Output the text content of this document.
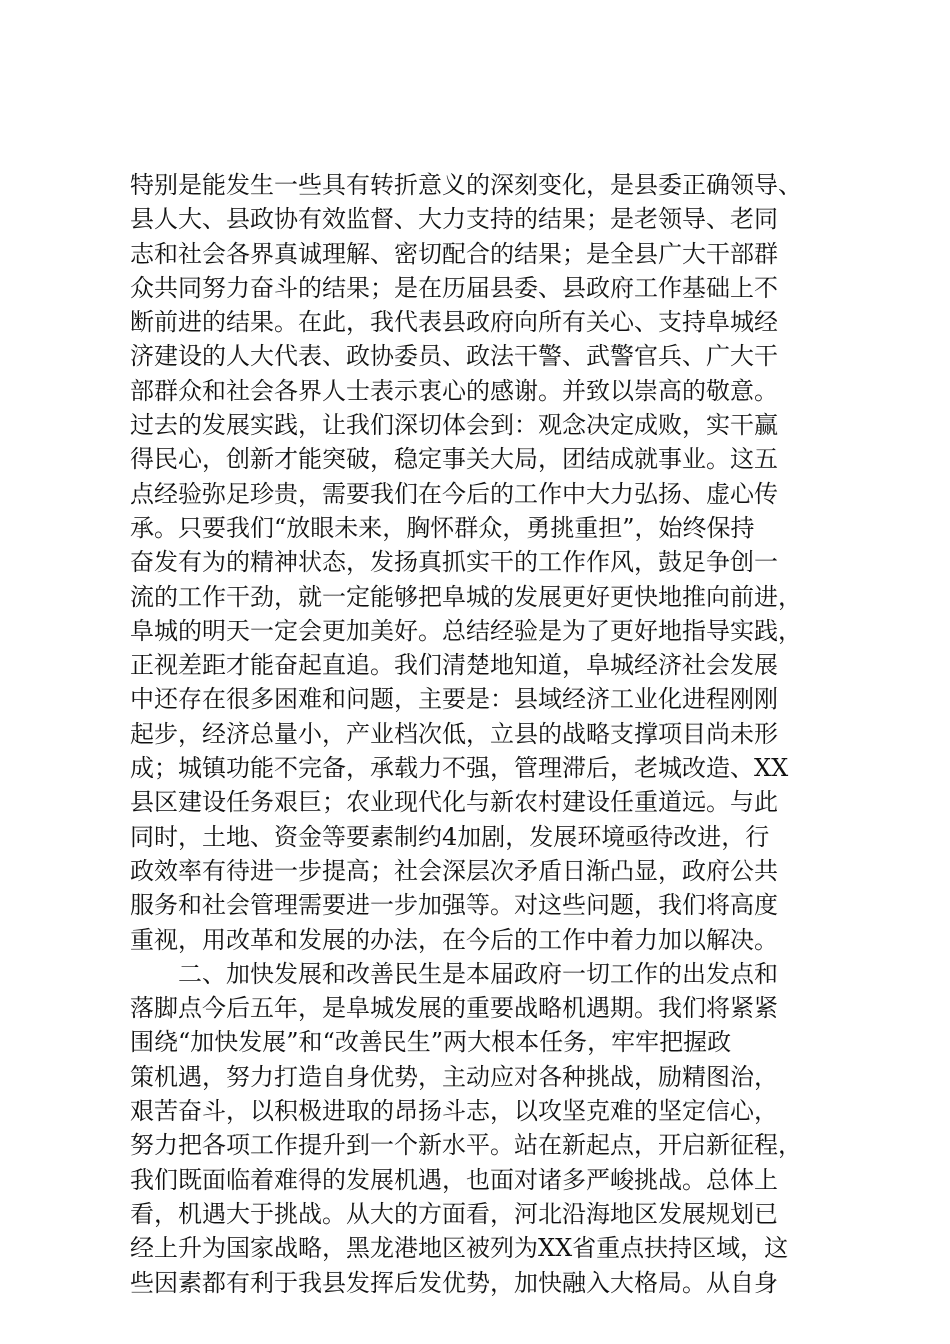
特别是能发生一些具有转折意义的深刻变化，是县委正确领导、
县人大、县政协有效监督、大力支持的结果；是老领导、老同
志和社会各界真诚理解、密切配合的结果；是全县广大干部群
众共同努力奋斗的结果；是在历届县委、县政府工作基础上不
断前进的结果。在此，我代表县政府向所有关心、支持阜城经
济建设的人大代表、政协委员、政法干警、武警官兵、广大干
部群众和社会各界人士表示衷心的感谢。并致以崇高的敬意。
过去的发展实践，让我们深切体会到：观念决定成败，实干赢
得民心，创新才能突破，稳定事关大局，团结成就事业。这五
点经验弥足珍贵，需要我们在今后的工作中大力弘扬、虚心传
承。只要我们“放眼未来，胸怀群众，勇挑重担”，始终保持
奋发有为的精神状态，发扬真抓实干的工作作风，鼓足争创一
流的工作干劲，就一定能够把阜城的发展更好更快地推向前进，
阜城的明天一定会更加美好。总结经验是为了更好地指导实践，
正视差距才能奋起直追。我们清楚地知道，阜城经济社会发展
中还存在很多困难和问题，主要是：县域经济工业化进程刚刚
起步，经济总量小，产业档次低，立县的战略支撑项目尚未形
成；城镇功能不完备，承载力不强，管理滞后，老城改造、XX
县区建设任务艰巨；农业现代化与新农村建设任重道远。与此
同时，土地、资金等要素制约4加剧，发展环境亟待改进，行
政效率有待进一步提高；社会深层次矛盾日渐凸显，政府公共
服务和社会管理需要进一步加强等。对这些问题，我们将高度
重视，用改革和发展的办法，在今后的工作中着力加以解决。
二、加快发展和改善民生是本届政府一切工作的出发点和
落脚点今后五年，是阜城发展的重要战略机遇期。我们将紧紧
围绕“加快发展”和“改善民生”两大根本任务，牢牢把握政
策机遇，努力打造自身优势，主动应对各种挑战，励精图治，
艰苦奋斗，以积极进取的昂扬斗志，以攻坚克难的坚定信心，
努力把各项工作提升到一个新水平。站在新起点，开启新征程，
我们既面临着难得的发展机遇，也面对诸多严峻挑战。总体上
看，机遇大于挑战。从大的方面看，河北沿海地区发展规划已
经上升为国家战略，黑龙港地区被列为XX省重点扶持区域，这
些因素都有利于我县发挥后发优势，加快融入大格局。从自身
